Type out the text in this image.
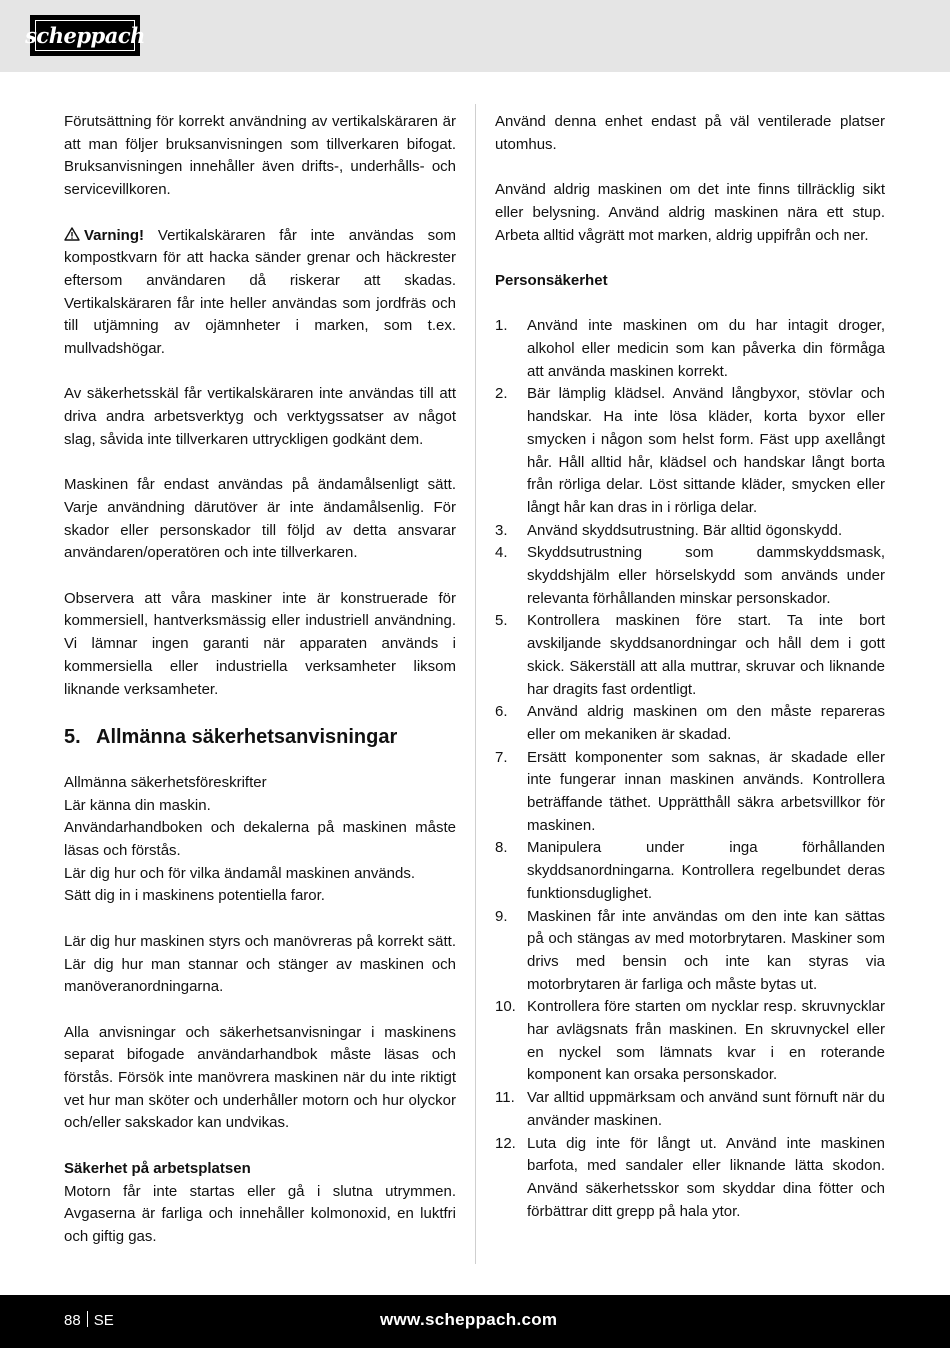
scheppach

Förutsättning för korrekt användning av vertikalskäraren är att man följer bruksanvisningen som tillverkaren bifogat. Bruksanvisningen innehåller även drifts-, underhålls- och servicevillkoren.

Varning! Vertikalskäraren får inte användas som kompostkvarn för att hacka sänder grenar och häckrester eftersom användaren då riskerar att skadas. Vertikalskäraren får inte heller användas som jordfräs och till utjämning av ojämnheter i marken, som t.ex. mullvadshögar.

Av säkerhetsskäl får vertikalskäraren inte användas till att driva andra arbetsverktyg och verktygssatser av något slag, såvida inte tillverkaren uttryckligen godkänt dem.

Maskinen får endast användas på ändamålsenligt sätt. Varje användning därutöver är inte ändamålsenlig. För skador eller personskador till följd av detta ansvarar användaren/operatören och inte tillverkaren.

Observera att våra maskiner inte är konstruerade för kommersiell, hantverksmässig eller industriell användning. Vi lämnar ingen garanti när apparaten används i kommersiella eller industriella verksamheter liksom liknande verksamheter.

5. Allmänna säkerhetsanvisningar
Allmänna säkerhetsföreskrifter
Lär känna din maskin.
Användarhandboken och dekalerna på maskinen måste läsas och förstås.
Lär dig hur och för vilka ändamål maskinen används.
Sätt dig in i maskinens potentiella faror.

Lär dig hur maskinen styrs och manövreras på korrekt sätt. Lär dig hur man stannar och stänger av maskinen och manöveranordningarna.

Alla anvisningar och säkerhetsanvisningar i maskinens separat bifogade användarhandbok måste läsas och förstås. Försök inte manövrera maskinen när du inte riktigt vet hur man sköter och underhåller motorn och hur olyckor och/eller sakskador kan undvikas.

Säkerhet på arbetsplatsen

Motorn får inte startas eller gå i slutna utrymmen. Avgaserna är farliga och innehåller kolmonoxid, en luktfri och giftig gas.

Använd denna enhet endast på väl ventilerade platser utomhus.

Använd aldrig maskinen om det inte finns tillräcklig sikt eller belysning. Använd aldrig maskinen nära ett stup. Arbeta alltid vågrätt mot marken, aldrig uppifrån och ner.

Personsäkerhet

1. Använd inte maskinen om du har intagit droger, alkohol eller medicin som kan påverka din förmåga att använda maskinen korrekt.
2. Bär lämplig klädsel. Använd långbyxor, stövlar och handskar. Ha inte lösa kläder, korta byxor eller smycken i någon som helst form. Fäst upp axellångt hår. Håll alltid hår, klädsel och handskar långt borta från rörliga delar. Löst sittande kläder, smycken eller långt hår kan dras in i rörliga delar.
3. Använd skyddsutrustning. Bär alltid ögonskydd.
4. Skyddsutrustning som dammskyddsmask, skyddshjälm eller hörselskydd som används under relevanta förhållanden minskar personskador.
5. Kontrollera maskinen före start. Ta inte bort avskiljande skyddsanordningar och håll dem i gott skick. Säkerställ att alla muttrar, skruvar och liknande har dragits fast ordentligt.
6. Använd aldrig maskinen om den måste repareras eller om mekaniken är skadad.
7. Ersätt komponenter som saknas, är skadade eller inte fungerar innan maskinen används. Kontrollera beträffande täthet. Upprätthåll säkra arbetsvillkor för maskinen.
8. Manipulera under inga förhållanden skyddsanordningarna. Kontrollera regelbundet deras funktionsduglighet.
9. Maskinen får inte användas om den inte kan sättas på och stängas av med motorbrytaren. Maskiner som drivs med bensin och inte kan styras via motorbrytaren är farliga och måste bytas ut.
10. Kontrollera före starten om nycklar resp. skruvnycklar har avlägsnats från maskinen. En skruvnyckel eller en nyckel som lämnats kvar i en roterande komponent kan orsaka personskador.
11. Var alltid uppmärksam och använd sunt förnuft när du använder maskinen.
12. Luta dig inte för långt ut. Använd inte maskinen barfota, med sandaler eller liknande lätta skodon. Använd säkerhetsskor som skyddar dina fötter och förbättrar ditt grepp på hala ytor.
88 SE	www.scheppach.com
